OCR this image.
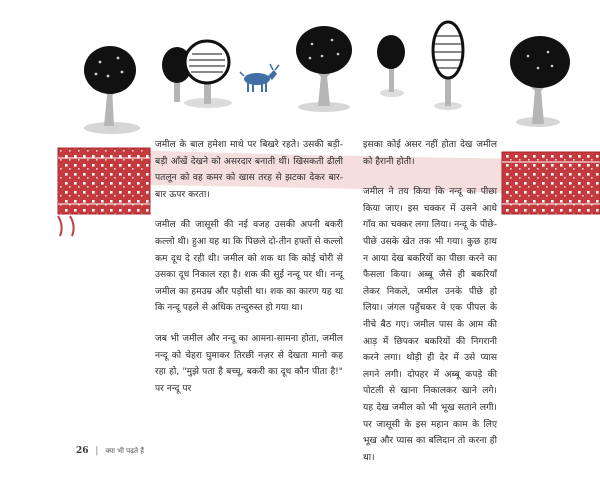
जमील के बाल हमेशा माथे पर बिखरे रहते। उसकी बड़ी-बड़ी आँखें देखने को असरदार बनाती थीं। खिसकती ढीली पतलून को वह कमर को खास तरह से झटका देकर बार-बार ऊपर करता।

जमील की जासूसी की नई वजह उसकी अपनी बकरी कल्लो थी। हुआ यह था कि पिछले दो-तीन हफ्तों से कल्लो कम दूध दे रही थी। जमील को शक था कि कोई चोरी से उसका दूध निकाल रहा है। शक की सुई नन्दू पर थी। नन्दू जमील का हमउम्र और पड़ोसी था। शक का कारण यह था कि नन्दू पहले से अधिक तन्दुरुस्त हो गया था।

जब भी जमील और नन्दू का आमना-सामना होता, जमील नन्दू को चेहरा घुमाकर तिरछी नज़र से देखता मानो कह रहा हो, "मुझे पता है बच्चू, बकरी का दूध कौन पीता है!" पर नन्दू पर

इसका कोई असर नहीं होता देख जमील को हैरानी होती।

जमील ने तय किया कि नन्दू का पीछा किया जाए। इस चक्कर में उसने आधे गाँव का चक्कर लगा लिया। नन्दू के पीछे-पीछे उसके खेत तक भी गया। कुछ हाथ न आया देख बकरियों का पीछा करने का फैसला किया। अब्बू जैसे ही बकरियाँ लेकर निकले, जमील उनके पीछे हो लिया। जंगल पहुँचकर वे एक पीपल के नीचे बैठ गए। जमील पास के आम की आड़ में छिपकर बकरियों की निगरानी करने लगा। थोड़ी ही देर में उसे प्यास लगने लगी। दोपहर में अब्बू कपड़े की पोटली से खाना निकालकर खाने लगे। यह देख जमील को भी भूख सताने लगी। पर जासूसी के इस महान काम के लिए भूख और प्यास का बलिदान तो करना ही था।

26 | क्या भी पढ़ते हैं
